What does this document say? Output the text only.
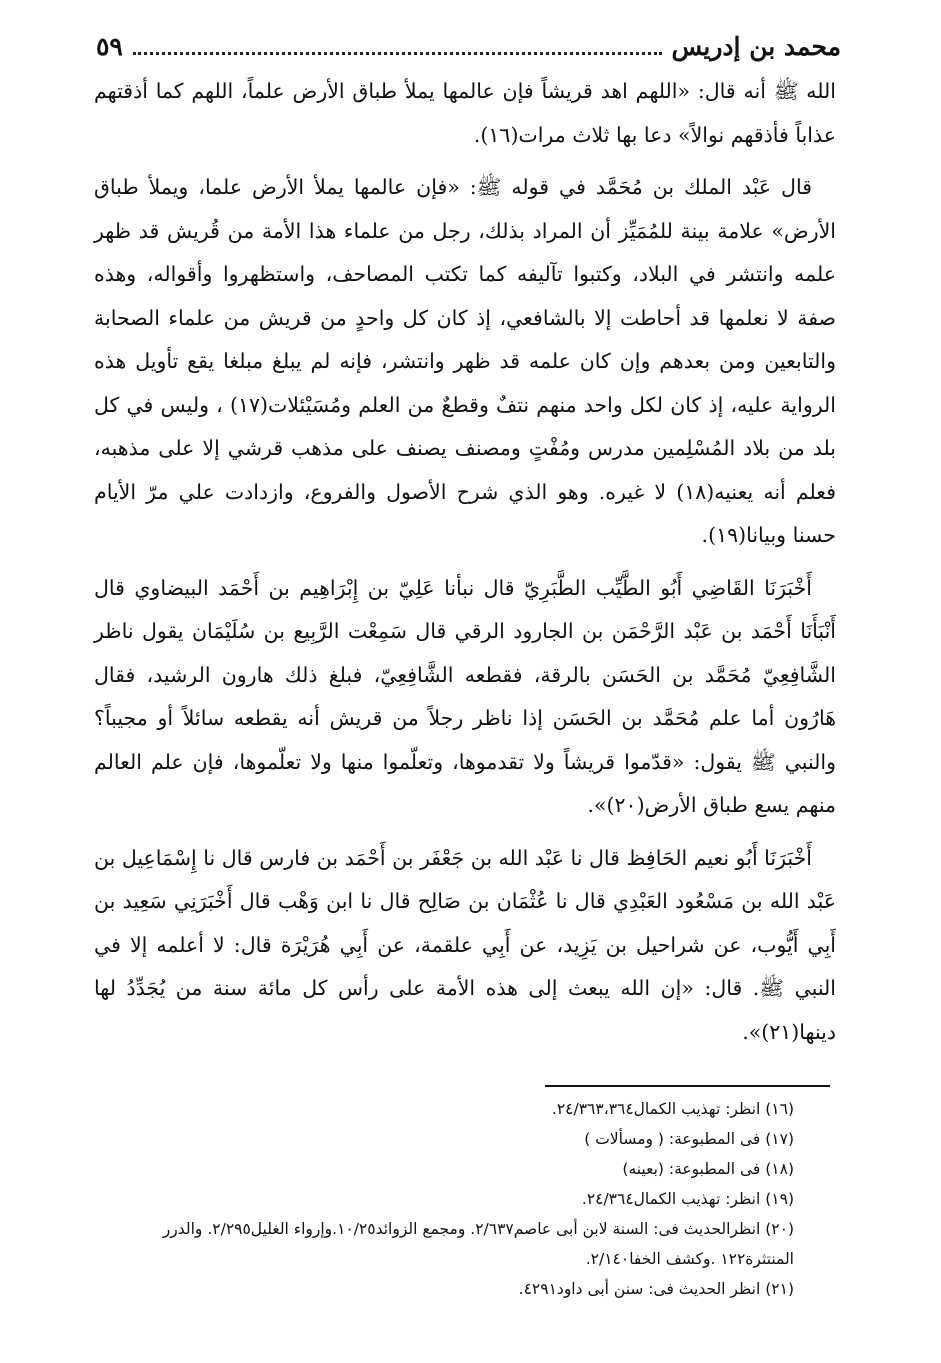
محمد بن إدريس
٥٩

الله ﷺ أنه قال: «اللهم اهد قريشاً فإن عالمها يملأ طباق الأرض علماً، اللهم كما أذقتهم عذاباً فأذقهم نوالاً» دعا بها ثلاث مرات(١٦).

قال عَبْد الملك بن مُحَمَّد في قوله ﷺ: «فإن عالمها يملأ الأرض علما، ويملأ طباق الأرض» علامة بينة للمُمَيِّز أن المراد بذلك، رجل من علماء هذا الأمة من قُريش قد ظهر علمه وانتشر في البلاد، وكتبوا تآليفه كما تكتب المصاحف، واستظهروا وأقواله، وهذه صفة لا نعلمها قد أحاطت إلا بالشافعي، إذ كان كل واحدٍ من قريش من علماء الصحابة والتابعين ومن بعدهم وإن كان علمه قد ظهر وانتشر، فإنه لم يبلغ مبلغا يقع تأويل هذه الرواية عليه، إذ كان لكل واحد منهم نتفٌ وقطعٌ من العلم ومُسَيْئلات(١٧) ، وليس في كل بلد من بلاد المُسْلِمين مدرس ومُفْتٍ ومصنف يصنف على مذهب قرشي إلا على مذهبه، فعلم أنه يعنيه(١٨) لا غيره. وهو الذي شرح الأصول والفروع، وازدادت علي مرّ الأيام حسنا وبيانا(١٩).

أَخْبَرَنَا القَاضِي أَبُو الطَّيِّب الطَّبَرِيّ قال نبأنا عَلِيّ بن إِبْرَاهِيم بن أَحْمَد البيضاوي قال أَنْبَأَنَا أَحْمَد بن عَبْد الرَّحْمَن بن الجارود الرقي قال سَمِعْت الرَّبِيع بن سُلَيْمَان يقول ناظر الشَّافِعِيّ مُحَمَّد بن الحَسَن بالرقة، فقطعه الشَّافِعِيّ، فبلغ ذلك هارون الرشيد، فقال هَارُون أما علم مُحَمَّد بن الحَسَن إذا ناظر رجلاً من قريش أنه يقطعه سائلاً أو مجيباً؟ والنبي ﷺ يقول: «قدّموا قريشاً ولا تقدموها، وتعلّموا منها ولا تعلّموها، فإن علم العالم منهم يسع طباق الأرض(٢٠)».

أَخْبَرَنَا أَبُو نعيم الحَافِظ قال نا عَبْد الله بن جَعْفَر بن أَحْمَد بن فارس قال نا إِسْمَاعِيل بن عَبْد الله بن مَسْعُود العَبْدِي قال نا عُثْمَان بن صَالِح قال نا ابن وَهْب قال أَخْبَرَنِي سَعِيد بن أَبِي أَيُّوب، عن شراحيل بن يَزِيد، عن أَبِي علقمة، عن أَبِي هُرَيْرَة قال: لا أعلمه إلا في النبي ﷺ. قال: «إن الله يبعث إلى هذه الأمة على رأس كل مائة سنة من يُجَدِّدُ لها دينها(٢١)».

(١٦) انظر: تهذيب الكمال٢٤/٣٦٣،٣٦٤.

(١٧) فى المطبوعة: ( ومسألات )

(١٨) فى المطبوعة: (بعينه)

(١٩) انظر: تهذيب الكمال٢٤/٣٦٤.

(٢٠) انظرالحديث فى: السنة لابن أبى عاصم٢/٦٣٧. ومجمع الزوائد١٠/٢٥.وإرواء الغليل٢/٢٩٥. والدرر المنتثرة١٢٢ .وكشف الخفا٢/١٤٠.

(٢١) انظر الحديث فى: سنن أبى داود٤٢٩١.
